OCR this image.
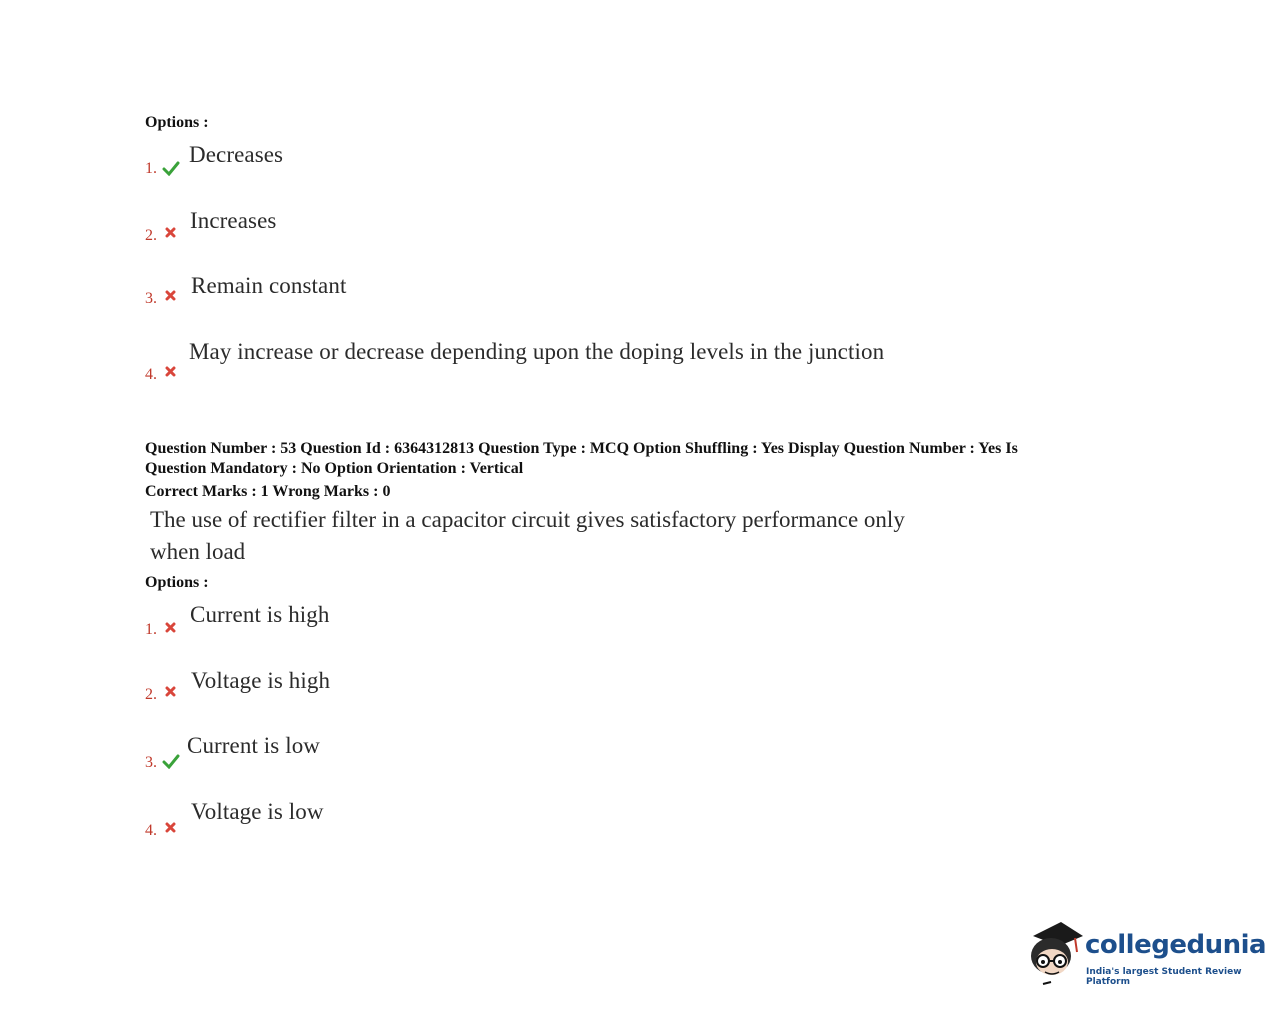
Options :
1.
Decreases
2.
Increases
3.
Remain constant
4.
May increase or decrease depending upon the doping levels in the junction
Question Number : 53 Question Id : 6364312813 Question Type : MCQ Option Shuffling : Yes Display Question Number : Yes Is
Question Mandatory : No Option Orientation : Vertical
Correct Marks : 1 Wrong Marks : 0
The use of rectifier filter in a capacitor circuit gives satisfactory performance only
when load
Options :
1.
Current is high
2.
Voltage is high
3.
Current is low
4.
Voltage is low
collegedunia
India's largest Student Review Platform
